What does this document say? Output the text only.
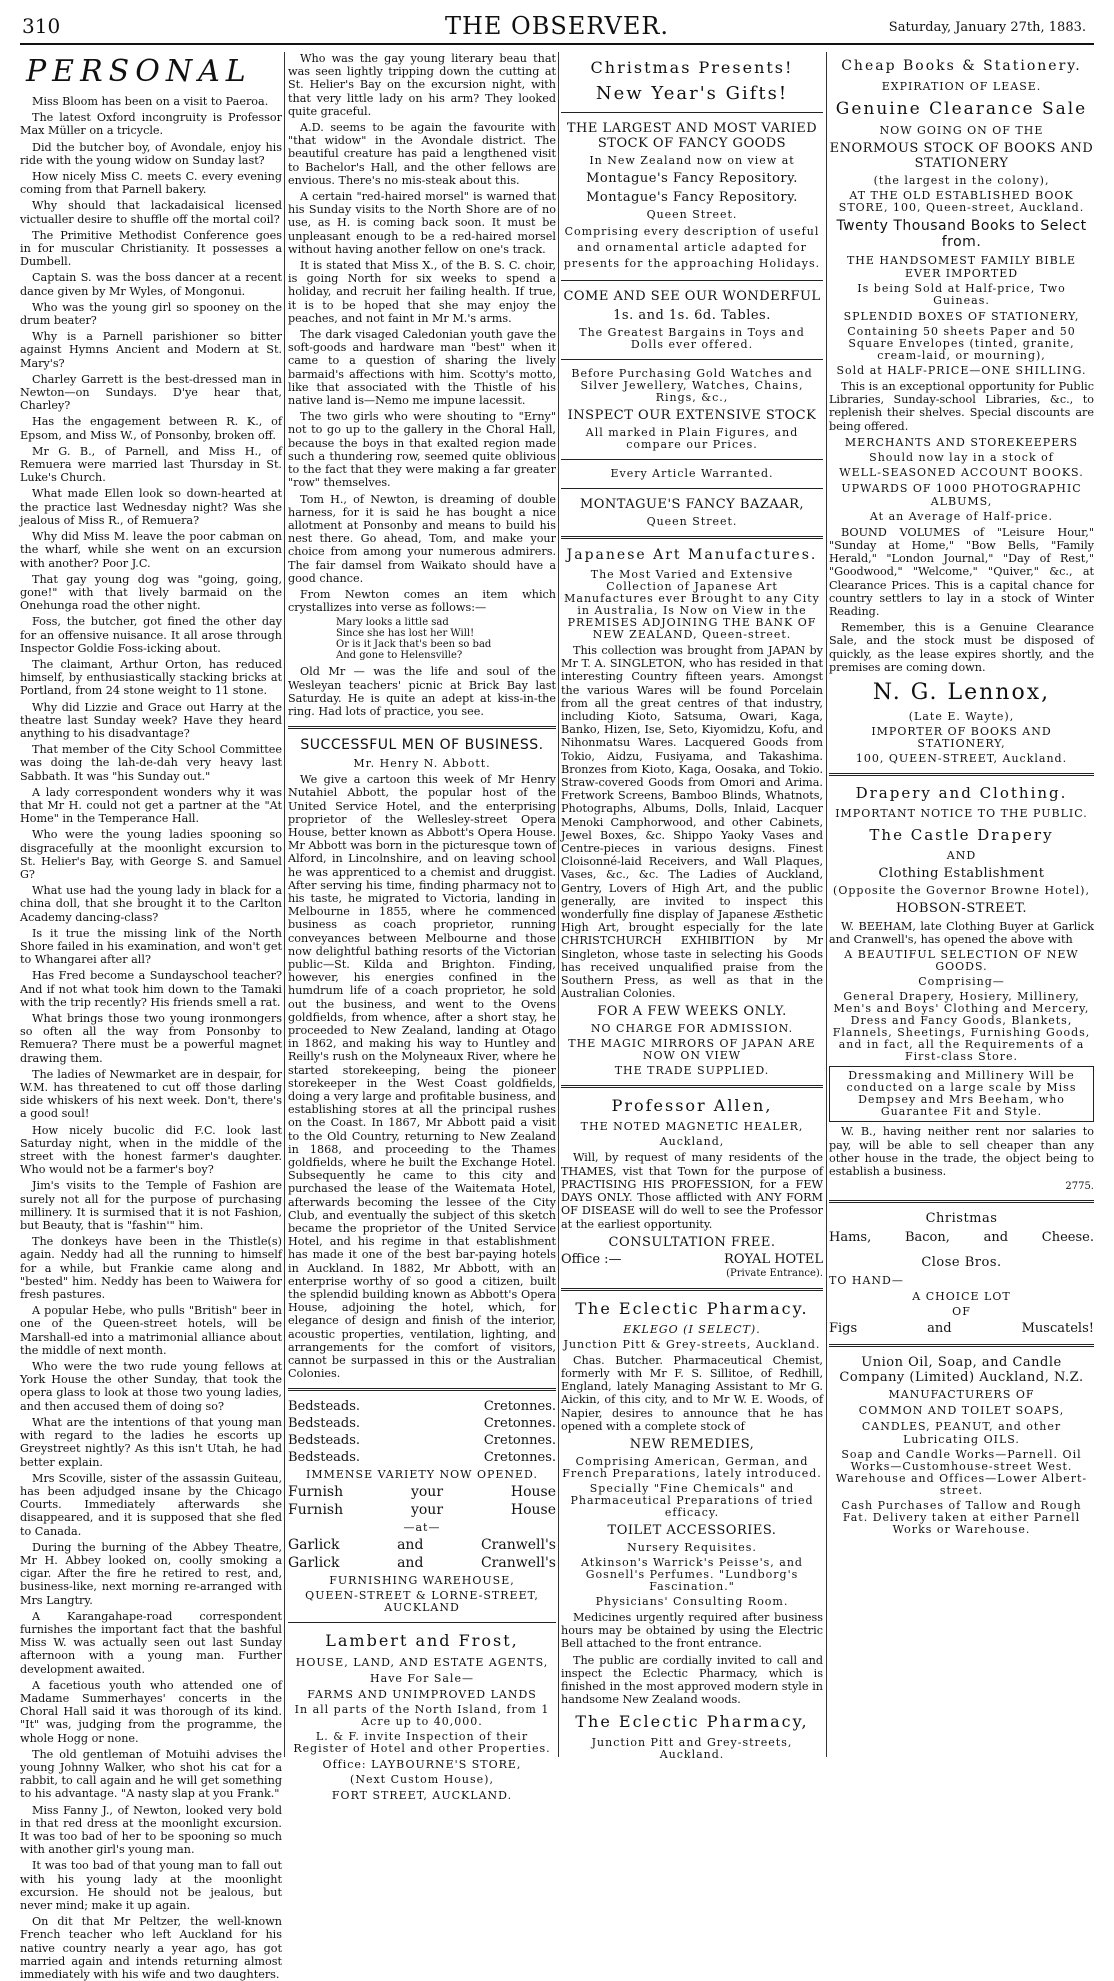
310	THE OBSERVER.	Saturday, January 27th, 1883.
PERSONAL

Miss Bloom has been on a visit to Paeroa.

The latest Oxford incongruity is Professor Max Müller on a tricycle.

Did the butcher boy, of Avondale, enjoy his ride with the young widow on Sunday last?

How nicely Miss C. meets C. every evening coming from that Parnell bakery.

Why should that lackadaisical licensed victualler desire to shuffle off the mortal coil?

The Primitive Methodist Conference goes in for muscular Christianity. It possesses a Dumbell.

Captain S. was the boss dancer at a recent dance given by Mr Wyles, of Mongonui.

Who was the young girl so spooney on the drum beater?

Why is a Parnell parishioner so bitter against Hymns Ancient and Modern at St. Mary's?

Charley Garrett is the best-dressed man in Newton—on Sundays. D'ye hear that, Charley?

Has the engagement between R. K., of Epsom, and Miss W., of Ponsonby, broken off.

Mr G. B., of Parnell, and Miss H., of Remuera were married last Thursday in St. Luke's Church.

What made Ellen look so down-hearted at the practice last Wednesday night? Was she jealous of Miss R., of Remuera?

Why did Miss M. leave the poor cabman on the wharf, while she went on an excursion with another? Poor J.C.

That gay young dog was "going, going, gone!" with that lively barmaid on the Onehunga road the other night.

Foss, the butcher, got fined the other day for an offensive nuisance. It all arose through Inspector Goldie Foss-icking about.

The claimant, Arthur Orton, has reduced himself, by enthusiastically stacking bricks at Portland, from 24 stone weight to 11 stone.

Why did Lizzie and Grace out Harry at the theatre last Sunday week? Have they heard anything to his disadvantage?

That member of the City School Committee was doing the lah-de-dah very heavy last Sabbath. It was "his Sunday out."

A lady correspondent wonders why it was that Mr H. could not get a partner at the "At Home" in the Temperance Hall.

Who were the young ladies spooning so disgracefully at the moonlight excursion to St. Helier's Bay, with George S. and Samuel G?

What use had the young lady in black for a china doll, that she brought it to the Carlton Academy dancing-class?

Is it true the missing link of the North Shore failed in his examination, and won't get to Whangarei after all?

Has Fred become a Sundayschool teacher? And if not what took him down to the Tamaki with the trip recently? His friends smell a rat.

What brings those two young ironmongers so often all the way from Ponsonby to Remuera? There must be a powerful magnet drawing them.

The ladies of Newmarket are in despair, for W.M. has threatened to cut off those darling side whiskers of his next week. Don't, there's a good soul!

How nicely bucolic did F.C. look last Saturday night, when in the middle of the street with the honest farmer's daughter. Who would not be a farmer's boy?

Jim's visits to the Temple of Fashion are surely not all for the purpose of purchasing millinery. It is surmised that it is not Fashion, but Beauty, that is "fashin'" him.

The donkeys have been in the Thistle(s) again. Neddy had all the running to himself for a while, but Frankie came along and "bested" him. Neddy has been to Waiwera for fresh pastures.

A popular Hebe, who pulls "British" beer in one of the Queen-street hotels, will be Marshall-ed into a matrimonial alliance about the middle of next month.

Who were the two rude young fellows at York House the other Sunday, that took the opera glass to look at those two young ladies, and then accused them of doing so?

What are the intentions of that young man with regard to the ladies he escorts up Greystreet nightly? As this isn't Utah, he had better explain.

Mrs Scoville, sister of the assassin Guiteau, has been adjudged insane by the Chicago Courts. Immediately afterwards she disappeared, and it is supposed that she fled to Canada.

During the burning of the Abbey Theatre, Mr H. Abbey looked on, coolly smoking a cigar. After the fire he retired to rest, and, business-like, next morning re-arranged with Mrs Langtry.

A Karangahape-road correspondent furnishes the important fact that the bashful Miss W. was actually seen out last Sunday afternoon with a young man. Further development awaited.

A facetious youth who attended one of Madame Summerhayes' concerts in the Choral Hall said it was thorough of its kind. "It" was, judging from the programme, the whole Hogg or none.

The old gentleman of Motuihi advises the young Johnny Walker, who shot his cat for a rabbit, to call again and he will get something to his advantage. "A nasty slap at you Frank."

Miss Fanny J., of Newton, looked very bold in that red dress at the moonlight excursion. It was too bad of her to be spooning so much with another girl's young man.

It was too bad of that young man to fall out with his young lady at the moonlight excursion. He should not be jealous, but never mind; make it up again.

On dit that Mr Peltzer, the well-known French teacher who left Auckland for his native country nearly a year ago, has got married again and intends returning almost immediately with his wife and two daughters.

Who was the gay young literary beau that was seen lightly tripping down the cutting at St. Helier's Bay on the excursion night, with that very little lady on his arm? They looked quite graceful.

A.D. seems to be again the favourite with "that widow" in the Avondale district. The beautiful creature has paid a lengthened visit to Bachelor's Hall, and the other fellows are envious. There's no mis-steak about this.

A certain "red-haired morsel" is warned that his Sunday visits to the North Shore are of no use, as H. is coming back soon. It must be unpleasant enough to be a red-haired morsel without having another fellow on one's track.

It is stated that Miss X., of the B. S. C. choir, is going North for six weeks to spend a holiday, and recruit her failing health. If true, it is to be hoped that she may enjoy the peaches, and not faint in Mr M.'s arms.

The dark visaged Caledonian youth gave the soft-goods and hardware man "best" when it came to a question of sharing the lively barmaid's affections with him. Scotty's motto, like that associated with the Thistle of his native land is—Nemo me impune lacessit.

The two girls who were shouting to "Erny" not to go up to the gallery in the Choral Hall, because the boys in that exalted region made such a thundering row, seemed quite oblivious to the fact that they were making a far greater "row" themselves.

Tom H., of Newton, is dreaming of double harness, for it is said he has bought a nice allotment at Ponsonby and means to build his nest there. Go ahead, Tom, and make your choice from among your numerous admirers. The fair damsel from Waikato should have a good chance.

From Newton comes an item which crystallizes into verse as follows:—

Mary looks a little sad
Since she has lost her Will!
Or is it Jack that's been so bad
And gone to Helensville?

Old Mr — was the life and soul of the Wesleyan teachers' picnic at Brick Bay last Saturday. He is quite an adept at kiss-in-the ring. Had lots of practice, you see.

SUCCESSFUL MEN OF BUSINESS.
Mr. Henry N. Abbott.

We give a cartoon this week of Mr Henry Nutahiel Abbott, the popular host of the United Service Hotel, and the enterprising proprietor of the Wellesley-street Opera House, better known as Abbott's Opera House. Mr Abbott was born in the picturesque town of Alford, in Lincolnshire, and on leaving school he was apprenticed to a chemist and druggist. After serving his time, finding pharmacy not to his taste, he migrated to Victoria, landing in Melbourne in 1855, where he commenced business as coach proprietor, running conveyances between Melbourne and those now delightful bathing resorts of the Victorian public—St. Kilda and Brighton. Finding, however, his energies confined in the humdrum life of a coach proprietor, he sold out the business, and went to the Ovens goldfields, from whence, after a short stay, he proceeded to New Zealand, landing at Otago in 1862, and making his way to Huntley and Reilly's rush on the Molyneaux River, where he started storekeeping, being the pioneer storekeeper in the West Coast goldfields, doing a very large and profitable business, and establishing stores at all the principal rushes on the Coast. In 1867, Mr Abbott paid a visit to the Old Country, returning to New Zealand in 1868, and proceeding to the Thames goldfields, where he built the Exchange Hotel. Subsequently he came to this city and purchased the lease of the Waitemata Hotel, afterwards becoming the lessee of the City Club, and eventually the subject of this sketch became the proprietor of the United Service Hotel, and his regime in that establishment has made it one of the best bar-paying hotels in Auckland. In 1882, Mr Abbott, with an enterprise worthy of so good a citizen, built the splendid building known as Abbott's Opera House, adjoining the hotel, which, for elegance of design and finish of the interior, acoustic properties, ventilation, lighting, and arrangements for the comfort of visitors, cannot be surpassed in this or the Australian Colonies.

Bedsteads.	Cretonnes.
Bedsteads.	Cretonnes.
Bedsteads.	Cretonnes.
Bedsteads.	Cretonnes.
IMMENSE VARIETY NOW OPENED.
Furnish	your	House
Furnish	your	House
—at—
Garlick	and	Cranwell's
Garlick	and	Cranwell's
FURNISHING WAREHOUSE,
QUEEN-STREET & LORNE-STREET, AUCKLAND
Lambert and Frost,
HOUSE, LAND, AND ESTATE AGENTS,
Have For Sale—
FARMS AND UNIMPROVED LANDS
In all parts of the North Island, from 1 Acre up to 40,000.
L. & F. invite Inspection of their Register of Hotel and other Properties.
Office: LAYBOURNE'S STORE,
(Next Custom House),
FORT STREET, AUCKLAND.
Christmas Presents!
New Year's Gifts!
THE LARGEST AND MOST VARIED STOCK OF FANCY GOODS
In New Zealand now on view at
Montague's Fancy Repository.
Montague's Fancy Repository.
Queen Street.
Comprising every description of useful and ornamental article adapted for presents for the approaching Holidays.
COME AND SEE OUR WONDERFUL
1s. and 1s. 6d. Tables.
The Greatest Bargains in Toys and Dolls ever offered.
Before Purchasing Gold Watches and Silver Jewellery, Watches, Chains, Rings, &c.,
INSPECT OUR EXTENSIVE STOCK
All marked in Plain Figures, and compare our Prices.
Every Article Warranted.
MONTAGUE'S FANCY BAZAAR,
Queen Street.
Japanese Art Manufactures.
The Most Varied and Extensive Collection of Japanese Art Manufactures ever Brought to any City in Australia, Is Now on View in the PREMISES ADJOINING THE BANK OF NEW ZEALAND, Queen-street.

This collection was brought from JAPAN by Mr T. A. SINGLETON, who has resided in that interesting Country fifteen years. Amongst the various Wares will be found Porcelain from all the great centres of that industry, including Kioto, Satsuma, Owari, Kaga, Banko, Hizen, Ise, Seto, Kiyomidzu, Kofu, and Nihonmatsu Wares. Lacquered Goods from Tokio, Aidzu, Fusiyama, and Takashima. Bronzes from Kioto, Kaga, Oosaka, and Tokio. Straw-covered Goods from Omori and Arima. Fretwork Screens, Bamboo Blinds, Whatnots, Photographs, Albums, Dolls, Inlaid, Lacquer Menoki Camphorwood, and other Cabinets, Jewel Boxes, &c. Shippo Yaoky Vases and Centre-pieces in various designs. Finest Cloisonné-laid Receivers, and Wall Plaques, Vases, &c., &c. The Ladies of Auckland, Gentry, Lovers of High Art, and the public generally, are invited to inspect this wonderfully fine display of Japanese Æsthetic High Art, brought especially for the late CHRISTCHURCH EXHIBITION by Mr Singleton, whose taste in selecting his Goods has received unqualified praise from the Southern Press, as well as that in the Australian Colonies.

FOR A FEW WEEKS ONLY.
NO CHARGE FOR ADMISSION.
THE MAGIC MIRRORS OF JAPAN ARE NOW ON VIEW
THE TRADE SUPPLIED.
Professor Allen,
THE NOTED MAGNETIC HEALER,
Auckland,

Will, by request of many residents of the THAMES, vist that Town for the purpose of PRACTISING HIS PROFESSION, for a FEW DAYS ONLY. Those afflicted with ANY FORM OF DISEASE will do well to see the Professor at the earliest opportunity.

CONSULTATION FREE.
Office :—	ROYAL HOTEL
(Private Entrance).
The Eclectic Pharmacy.
EKLEGO (I SELECT).
Junction Pitt & Grey-streets, Auckland.

Chas. Butcher. Pharmaceutical Chemist, formerly with Mr F. S. Sillitoe, of Redhill, England, lately Managing Assistant to Mr G. Aickin, of this city, and to Mr W. E. Woods, of Napier, desires to announce that he has opened with a complete stock of

NEW REMEDIES,
Comprising American, German, and French Preparations, lately introduced.
Specially "Fine Chemicals" and Pharmaceutical Preparations of tried efficacy.
TOILET ACCESSORIES.
Nursery Requisites.
Atkinson's Warrick's Peisse's, and Gosnell's Perfumes. "Lundborg's Fascination."
Physicians' Consulting Room.

Medicines urgently required after business hours may be obtained by using the Electric Bell attached to the front entrance.

The public are cordially invited to call and inspect the Eclectic Pharmacy, which is finished in the most approved modern style in handsome New Zealand woods.

The Eclectic Pharmacy,
Junction Pitt and Grey-streets, Auckland.
Cheap Books & Stationery.
EXPIRATION OF LEASE.
Genuine Clearance Sale
NOW GOING ON OF THE
ENORMOUS STOCK OF BOOKS AND STATIONERY
(the largest in the colony),
AT THE OLD ESTABLISHED BOOK STORE, 100, Queen-street, Auckland.
Twenty Thousand Books to Select from.
THE HANDSOMEST FAMILY BIBLE EVER IMPORTED
Is being Sold at Half-price, Two Guineas.
SPLENDID BOXES OF STATIONERY,
Containing 50 sheets Paper and 50 Square Envelopes (tinted, granite, cream-laid, or mourning),
Sold at HALF-PRICE—ONE SHILLING.

This is an exceptional opportunity for Public Libraries, Sunday-school Libraries, &c., to replenish their shelves. Special discounts are being offered.

MERCHANTS AND STOREKEEPERS
Should now lay in a stock of
WELL-SEASONED ACCOUNT BOOKS.
UPWARDS OF 1000 PHOTOGRAPHIC ALBUMS,
At an Average of Half-price.

BOUND VOLUMES of "Leisure Hour," "Sunday at Home," "Bow Bells, "Family Herald," "London Journal," "Day of Rest," "Goodwood," "Welcome," "Quiver," &c., at Clearance Prices. This is a capital chance for country settlers to lay in a stock of Winter Reading.

Remember, this is a Genuine Clearance Sale, and the stock must be disposed of quickly, as the lease expires shortly, and the premises are coming down.

N. G. Lennox,
(Late E. Wayte),
IMPORTER OF BOOKS AND STATIONERY,
100, QUEEN-STREET, Auckland.
Drapery and Clothing.
IMPORTANT NOTICE TO THE PUBLIC.
The Castle Drapery
AND
Clothing Establishment
(Opposite the Governor Browne Hotel),
HOBSON-STREET.

W. BEEHAM, late Clothing Buyer at Garlick and Cranwell's, has opened the above with

A BEAUTIFUL SELECTION OF NEW GOODS.
Comprising—
General Drapery, Hosiery, Millinery, Men's and Boys' Clothing and Mercery, Dress and Fancy Goods, Blankets, Flannels, Sheetings, Furnishing Goods, and in fact, all the Requirements of a First-class Store.
Dressmaking and Millinery Will be conducted on a large scale by Miss Dempsey and Mrs Beeham, who Guarantee Fit and Style.

W. B., having neither rent nor salaries to pay, will be able to sell cheaper than any other house in the trade, the object being to establish a business.

2775.
Christmas
Hams,	Bacon,	and	Cheese.
Close Bros.
TO HAND—
A CHOICE LOT
OF
Figs	and	Muscatels!
Union Oil, Soap, and Candle Company (Limited) Auckland, N.Z.
MANUFACTURERS OF
COMMON AND TOILET SOAPS,
CANDLES, PEANUT, and other Lubricating OILS.
Soap and Candle Works—Parnell. Oil Works—Customhouse-street West. Warehouse and Offices—Lower Albert-street.
Cash Purchases of Tallow and Rough Fat. Delivery taken at either Parnell Works or Warehouse.
